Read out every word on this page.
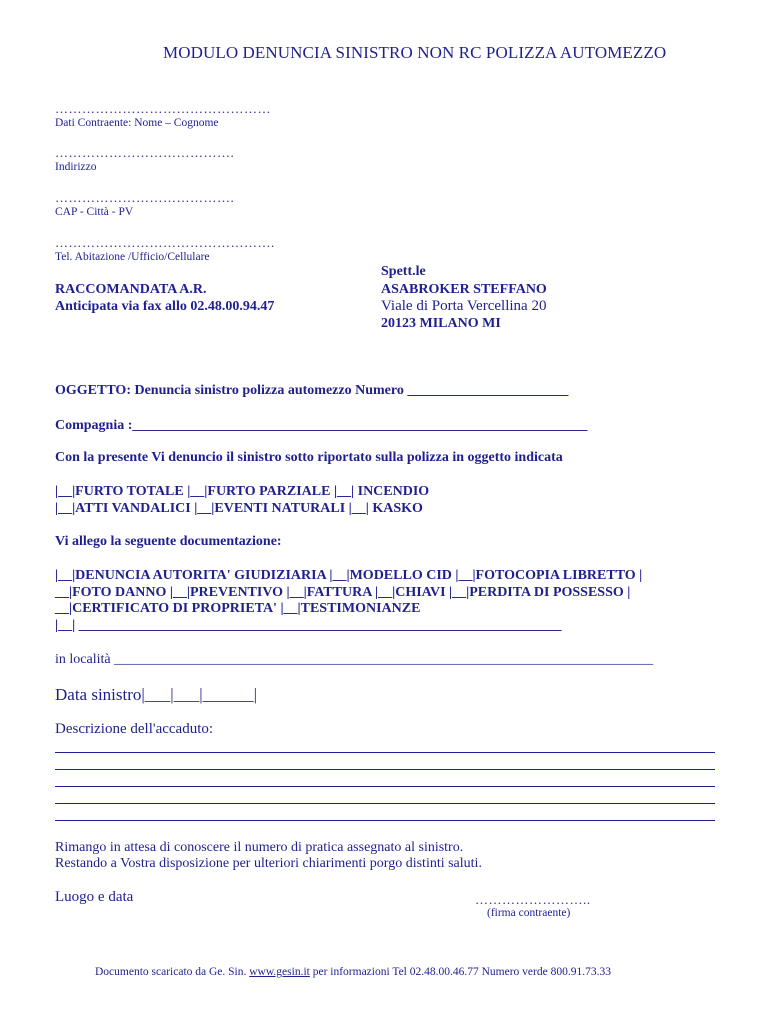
MODULO DENUNCIA SINISTRO NON RC POLIZZA AUTOMEZZO
…………………………………………
Dati Contraente: Nome – Cognome
………………………………….
Indirizzo
………………………………….
CAP - Città - PV
………………………………………….
Tel. Abitazione /Ufficio/Cellulare
Spett.le
RACCOMANDATA A.R.	ASABROKER STEFFANO
Anticipata via fax allo 02.48.00.94.47	Viale di Porta Vercellina 20
20123 MILANO MI
OGGETTO: Denuncia sinistro polizza automezzo Numero _______________________
Compagnia :_________________________________________________________________
Con la presente Vi denuncio il sinistro sotto riportato sulla polizza in oggetto indicata
|__|FURTO TOTALE |__|FURTO PARZIALE |__| INCENDIO
|__|ATTI VANDALICI |__|EVENTI NATURALI |__| KASKO
Vi allego la seguente documentazione:
|__|DENUNCIA AUTORITA' GIUDIZIARIA |__|MODELLO CID |__|FOTOCOPIA LIBRETTO |
__|FOTO DANNO |__|PREVENTIVO |__|FATTURA |__|CHIAVI |__|PERDITA DI POSSESSO |
__|CERTIFICATO DI PROPRIETA' |__|TESTIMONIANZE
|__| _____________________________________________________________________
in località _____________________________________________________________________________
Data sinistro|___|___|______|
Descrizione dell'accaduto:
Rimango in attesa di conoscere il numero di pratica assegnato al sinistro.
Restando a Vostra disposizione per ulteriori chiarimenti porgo distinti saluti.
Luogo e data	……………………..
(firma contraente)
Documento scaricato da Ge. Sin. www.gesin.it per informazioni Tel 02.48.00.46.77 Numero verde 800.91.73.33
